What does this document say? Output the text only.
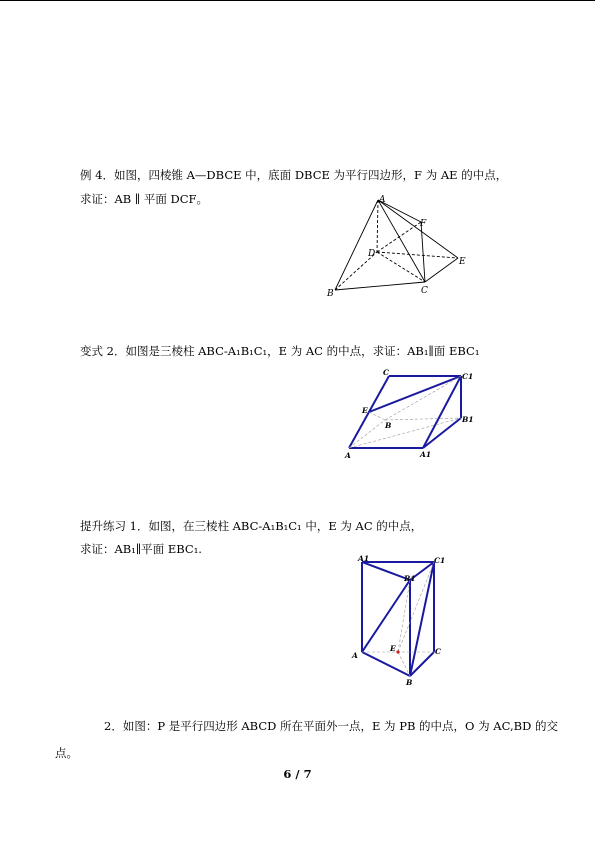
例 4．如图，四棱锥 A—DBCE 中，底面 DBCE 为平行四边形，F 为 AE 的中点，
求证：AB ∥ 平面 DCF。	A
B	C
D
E
F
变式 2．如图是三棱柱 ABC-A₁B₁C₁，E 为 AC 的中点，求证：AB₁∥面 EBC₁
C	C1
E
B
B1
A	A1
提升练习 1．如图，在三棱柱 ABC-A₁B₁C₁ 中，E 为 AC 的中点，
求证：AB₁∥平面 EBC₁.
A1	C1
B1
A
E	C
B
2．如图：P 是平行四边形 ABCD 所在平面外一点，E 为 PB 的中点，O 为 AC,BD 的交
点。
6 / 7
